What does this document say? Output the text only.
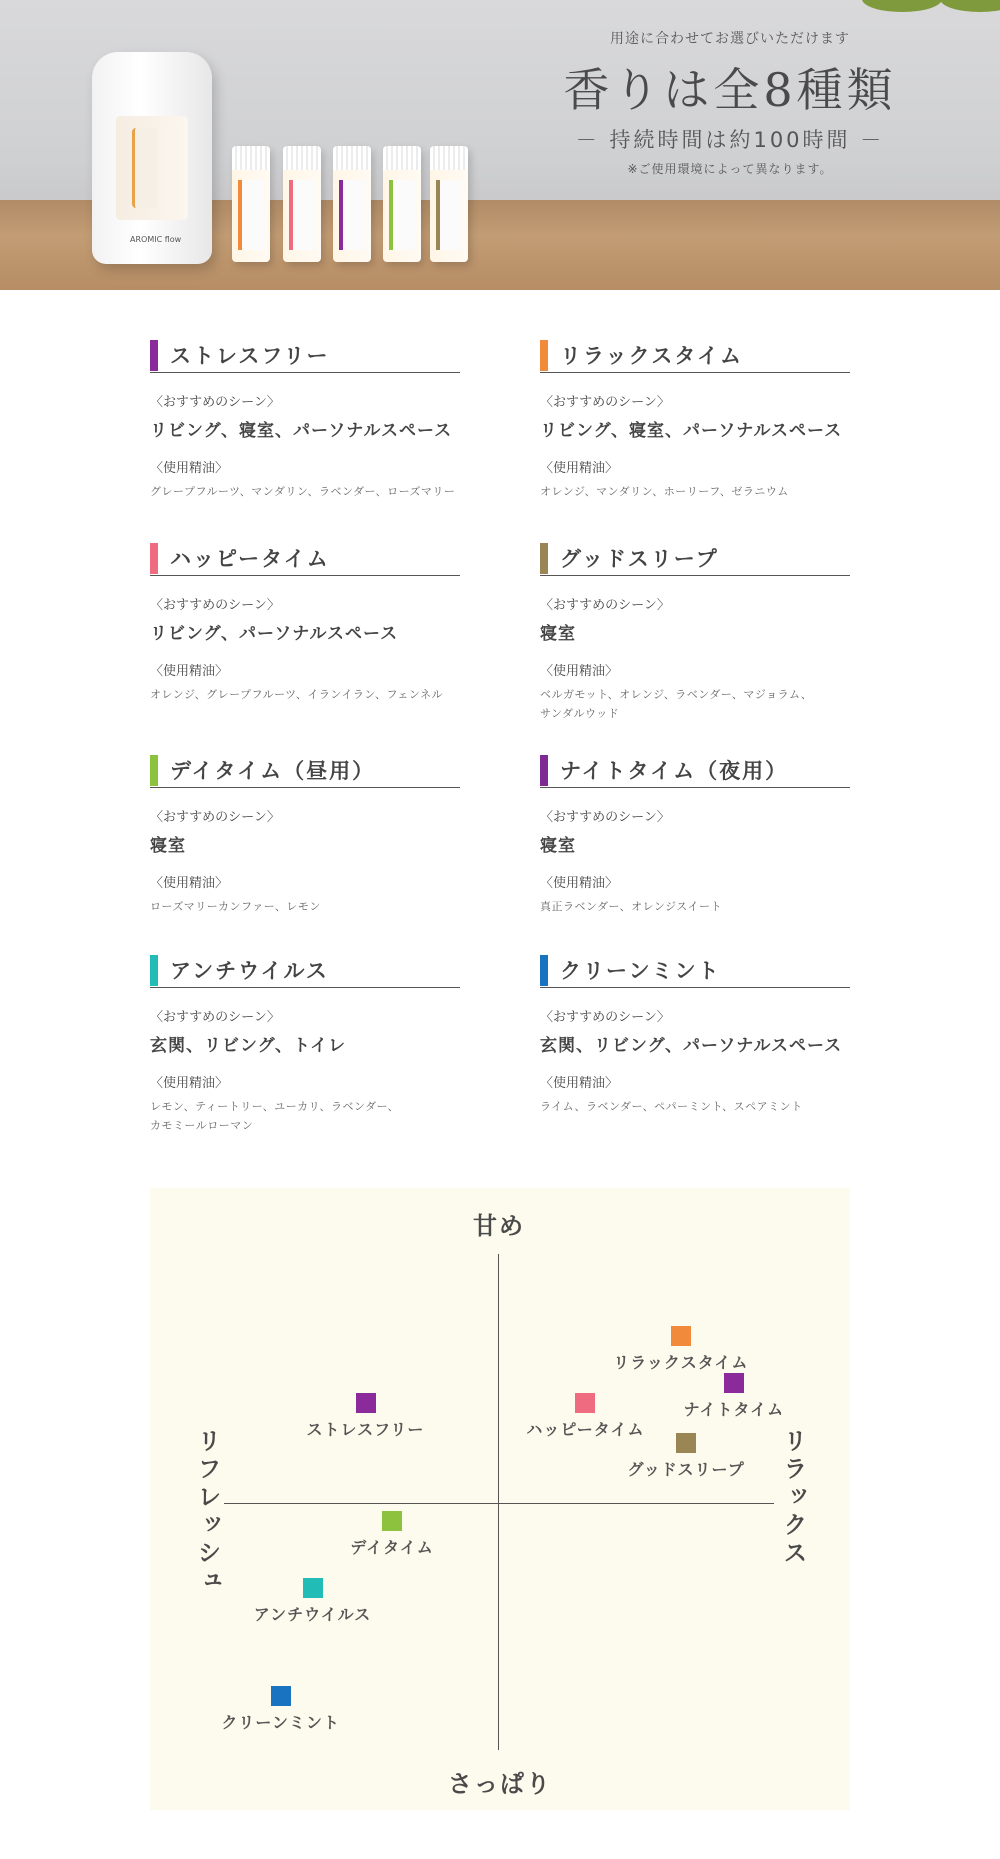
AROMIC flow
用途に合わせてお選びいただけます
香りは全8種類
－ 持続時間は約100時間 －
※ご使用環境によって異なります。
ストレスフリー
〈おすすめのシーン〉
リビング、寝室、パーソナルスペース
〈使用精油〉
グレープフルーツ、マンダリン、ラベンダー、ローズマリー
リラックスタイム
〈おすすめのシーン〉
リビング、寝室、パーソナルスペース
〈使用精油〉
オレンジ、マンダリン、ホーリーフ、ゼラニウム
ハッピータイム
〈おすすめのシーン〉
リビング、パーソナルスペース
〈使用精油〉
オレンジ、グレープフルーツ、イランイラン、フェンネル
グッドスリープ
〈おすすめのシーン〉
寝室
〈使用精油〉
ベルガモット、オレンジ、ラベンダー、マジョラム、
サンダルウッド
デイタイム（昼用）
〈おすすめのシーン〉
寝室
〈使用精油〉
ローズマリーカンファー、レモン
ナイトタイム（夜用）
〈おすすめのシーン〉
寝室
〈使用精油〉
真正ラベンダー、オレンジスイート
アンチウイルス
〈おすすめのシーン〉
玄関、リビング、トイレ
〈使用精油〉
レモン、ティートリー、ユーカリ、ラベンダー、
カモミールローマン
クリーンミント
〈おすすめのシーン〉
玄関、リビング、パーソナルスペース
〈使用精油〉
ライム、ラベンダー、ペパーミント、スペアミント
甘め
さっぱり
リフレッシュ	リラックス
リラックスタイム
ナイトタイム
ストレスフリー	ハッピータイム
グッドスリープ
デイタイム
アンチウイルス
クリーンミント
